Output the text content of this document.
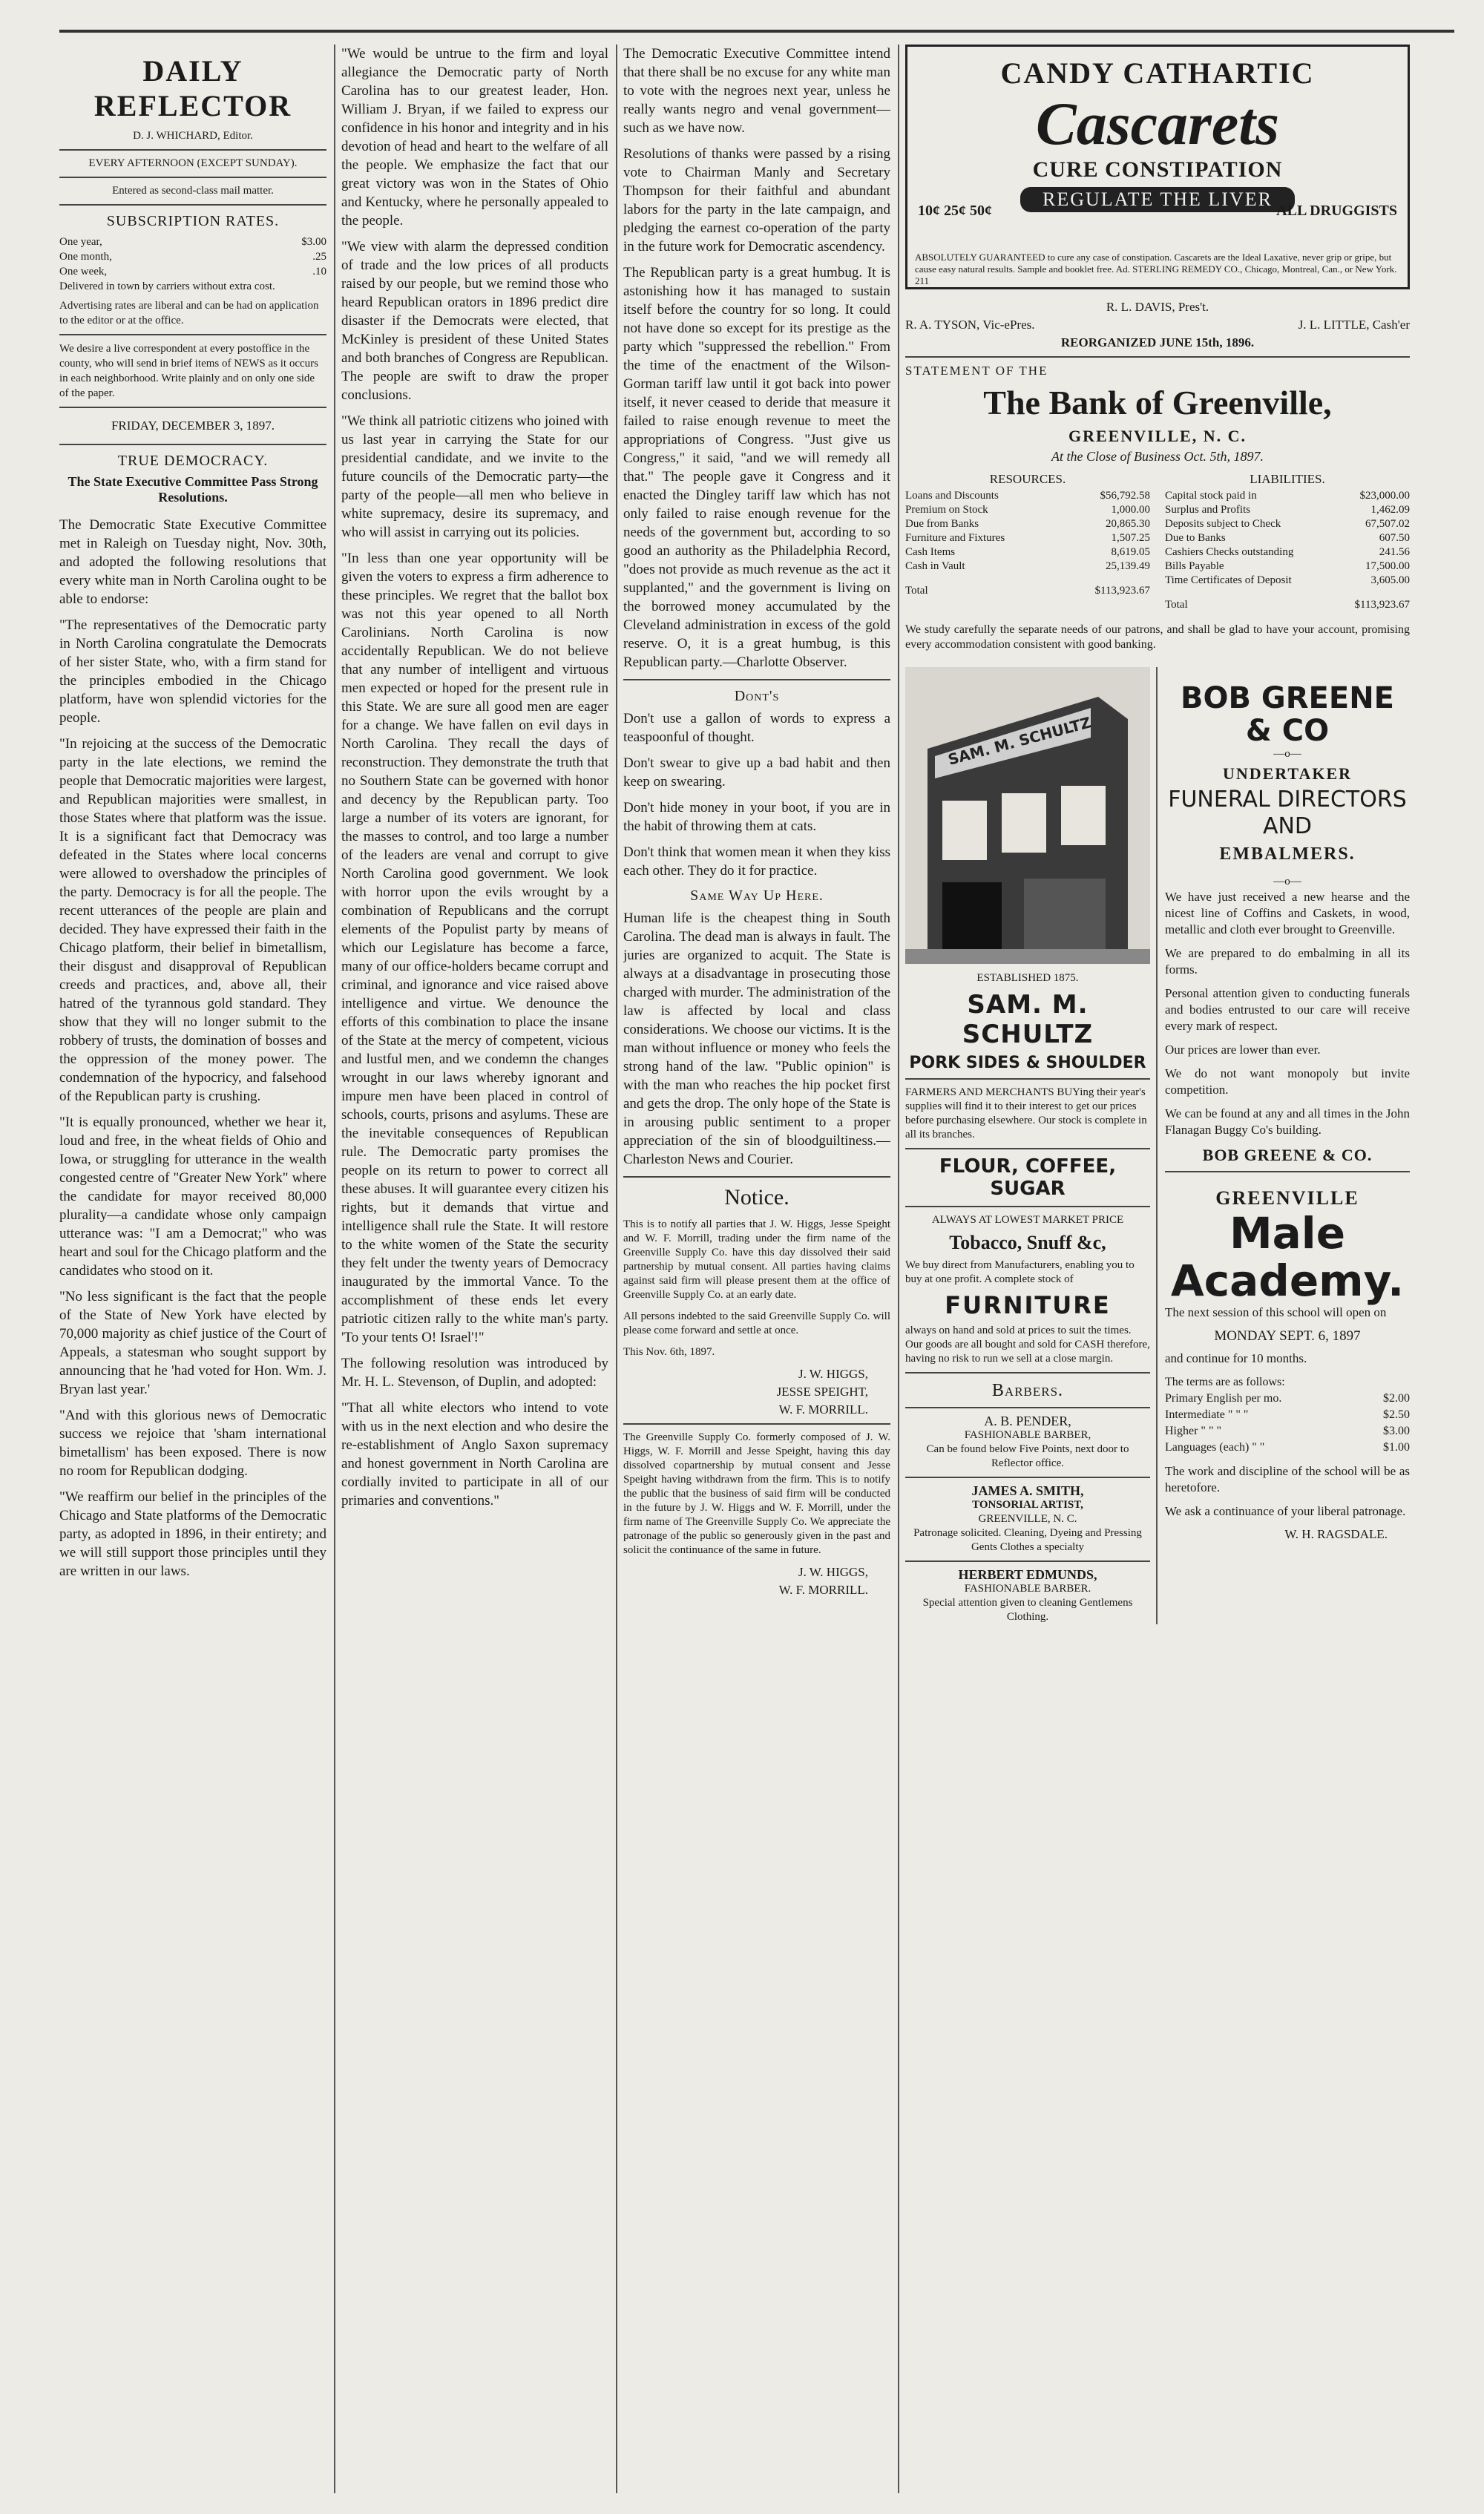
DAILY REFLECTOR
D. J. WHICHARD, Editor.
EVERY AFTERNOON (EXCEPT SUNDAY).
Entered as second-class mail matter.
SUBSCRIPTION RATES.
One year,	$3.00
One month,	.25
One week,	.10
Delivered in town by carriers without extra cost.
Advertising rates are liberal and can be had on application to the editor or at the office.
We desire a live correspondent at every postoffice in the county, who will send in brief items of NEWS as it occurs in each neighborhood. Write plainly and on only one side of the paper.
FRIDAY, DECEMBER 3, 1897.
TRUE DEMOCRACY.
The State Executive Committee Pass Strong Resolutions.

The Democratic State Executive Committee met in Raleigh on Tuesday night, Nov. 30th, and adopted the following resolutions that every white man in North Carolina ought to be able to endorse:

"The representatives of the Democratic party in North Carolina congratulate the Democrats of her sister State, who, with a firm stand for the principles embodied in the Chicago platform, have won splendid victories for the people.

"In rejoicing at the success of the Democratic party in the late elections, we remind the people that Democratic majorities were largest, and Republican majorities were smallest, in those States where that platform was the issue. It is a significant fact that Democracy was defeated in the States where local concerns were allowed to overshadow the principles of the party. Democracy is for all the people. The recent utterances of the people are plain and decided. They have expressed their faith in the Chicago platform, their belief in bimetallism, their disgust and disapproval of Republican creeds and practices, and, above all, their hatred of the tyrannous gold standard. They show that they will no longer submit to the robbery of trusts, the domination of bosses and the oppression of the money power. The condemnation of the hypocricy, and falsehood of the Republican party is crushing.

"It is equally pronounced, whether we hear it, loud and free, in the wheat fields of Ohio and Iowa, or struggling for utterance in the wealth congested centre of "Greater New York" where the candidate for mayor received 80,000 plurality—a candidate whose only campaign utterance was: "I am a Democrat;" who was heart and soul for the Chicago platform and the candidates who stood on it.

"No less significant is the fact that the people of the State of New York have elected by 70,000 majority as chief justice of the Court of Appeals, a statesman who sought support by announcing that he 'had voted for Hon. Wm. J. Bryan last year.'

"And with this glorious news of Democratic success we rejoice that 'sham international bimetallism' has been exposed. There is now no room for Republican dodging.

"We reaffirm our belief in the principles of the Chicago and State platforms of the Democratic party, as adopted in 1896, in their entirety; and we will still support those principles until they are written in our laws.

"We would be untrue to the firm and loyal allegiance the Democratic party of North Carolina has to our greatest leader, Hon. William J. Bryan, if we failed to express our confidence in his honor and integrity and in his devotion of head and heart to the welfare of all the people. We emphasize the fact that our great victory was won in the States of Ohio and Kentucky, where he personally appealed to the people.

"We view with alarm the depressed condition of trade and the low prices of all products raised by our people, but we remind those who heard Republican orators in 1896 predict dire disaster if the Democrats were elected, that McKinley is president of these United States and both branches of Congress are Republican. The people are swift to draw the proper conclusions.

"We think all patriotic citizens who joined with us last year in carrying the State for our presidential candidate, and we invite to the future councils of the Democratic party—the party of the people—all men who believe in white supremacy, desire its supremacy, and who will assist in carrying out its policies.

"In less than one year opportunity will be given the voters to express a firm adherence to these principles. We regret that the ballot box was not this year opened to all North Carolinians. North Carolina is now accidentally Republican. We do not believe that any number of intelligent and virtuous men expected or hoped for the present rule in this State. We are sure all good men are eager for a change. We have fallen on evil days in North Carolina. They recall the days of reconstruction. They demonstrate the truth that no Southern State can be governed with honor and decency by the Republican party. Too large a number of its voters are ignorant, for the masses to control, and too large a number of the leaders are venal and corrupt to give North Carolina good government. We look with horror upon the evils wrought by a combination of Republicans and the corrupt elements of the Populist party by means of which our Legislature has become a farce, many of our office-holders became corrupt and criminal, and ignorance and vice raised above intelligence and virtue. We denounce the efforts of this combination to place the insane of the State at the mercy of competent, vicious and lustful men, and we condemn the changes wrought in our laws whereby ignorant and impure men have been placed in control of schools, courts, prisons and asylums. These are the inevitable consequences of Republican rule. The Democratic party promises the people on its return to power to correct all these abuses. It will guarantee every citizen his rights, but it demands that virtue and intelligence shall rule the State. It will restore to the white women of the State the security they felt under the twenty years of Democracy inaugurated by the immortal Vance. To the accomplishment of these ends let every patriotic citizen rally to the white man's party. 'To your tents O! Israel'!"

The following resolution was introduced by Mr. H. L. Stevenson, of Duplin, and adopted:

"That all white electors who intend to vote with us in the next election and who desire the re-establishment of Anglo Saxon supremacy and honest government in North Carolina are cordially invited to participate in all of our primaries and conventions."

The Democratic Executive Committee intend that there shall be no excuse for any white man to vote with the negroes next year, unless he really wants negro and venal government—such as we have now.

Resolutions of thanks were passed by a rising vote to Chairman Manly and Secretary Thompson for their faithful and abundant labors for the party in the late campaign, and pledging the earnest co-operation of the party in the future work for Democratic ascendency.

The Republican party is a great humbug. It is astonishing how it has managed to sustain itself before the country for so long. It could not have done so except for its prestige as the party which "suppressed the rebellion." From the time of the enactment of the Wilson-Gorman tariff law until it got back into power itself, it never ceased to deride that measure it failed to raise enough revenue to meet the appropriations of Congress. "Just give us Congress," it said, "and we will remedy all that." The people gave it Congress and it enacted the Dingley tariff law which has not only failed to raise enough revenue for the needs of the government but, according to so good an authority as the Philadelphia Record, "does not provide as much revenue as the act it supplanted," and the government is living on the borrowed money accumulated by the Cleveland administration in excess of the gold reserve. O, it is a great humbug, is this Republican party.—Charlotte Observer.

Dont's

Don't use a gallon of words to express a teaspoonful of thought.

Don't swear to give up a bad habit and then keep on swearing.

Don't hide money in your boot, if you are in the habit of throwing them at cats.

Don't think that women mean it when they kiss each other. They do it for practice.

Same Way Up Here.

Human life is the cheapest thing in South Carolina. The dead man is always in fault. The juries are organized to acquit. The State is always at a disadvantage in prosecuting those charged with murder. The administration of the law is affected by local and class considerations. We choose our victims. It is the man without influence or money who feels the strong hand of the law. "Public opinion" is with the man who reaches the hip pocket first and gets the drop. The only hope of the State is in arousing public sentiment to a proper appreciation of the sin of bloodguiltiness.—Charleston News and Courier.

Notice.

This is to notify all parties that J. W. Higgs, Jesse Speight and W. F. Morrill, trading under the firm name of the Greenville Supply Co. have this day dissolved their said partnership by mutual consent. All parties having claims against said firm will please present them at the office of Greenville Supply Co. at an early date.

All persons indebted to the said Greenville Supply Co. will please come forward and settle at once.

This Nov. 6th, 1897.

J. W. HIGGS,
JESSE SPEIGHT,
W. F. MORRILL.

The Greenville Supply Co. formerly composed of J. W. Higgs, W. F. Morrill and Jesse Speight, having this day dissolved copartnership by mutual consent and Jesse Speight having withdrawn from the firm. This is to notify the public that the business of said firm will be conducted in the future by J. W. Higgs and W. F. Morrill, under the firm name of The Greenville Supply Co. We appreciate the patronage of the public so generously given in the past and solicit the continuance of the same in future.

J. W. HIGGS,
W. F. MORRILL.
CANDY CATHARTIC
Cascarets
CURE CONSTIPATION
REGULATE THE LIVER
10¢ 25¢ 50¢	ALL DRUGGISTS
ABSOLUTELY GUARANTEED to cure any case of constipation. Cascarets are the Ideal Laxative, never grip or gripe, but cause easy natural results. Sample and booklet free. Ad. STERLING REMEDY CO., Chicago, Montreal, Can., or New York. 211
R. L. DAVIS, Pres't.
R. A. TYSON, Vic-ePres.	J. L. LITTLE, Cash'er
REORGANIZED JUNE 15th, 1896.
STATEMENT OF THE
The Bank of Greenville,
GREENVILLE, N. C.
At the Close of Business Oct. 5th, 1897.
RESOURCES.
Loans and Discounts	$56,792.58
Premium on Stock	1,000.00
Due from Banks	20,865.30
Furniture and Fixtures	1,507.25
Cash Items	8,619.05
Cash in Vault	25,139.49
Total	$113,923.67
LIABILITIES.
Capital stock paid in	$23,000.00
Surplus and Profits	1,462.09
Deposits subject to Check	67,507.02
Due to Banks	607.50
Cashiers Checks outstanding	241.56
Bills Payable	17,500.00
Time Certificates of Deposit	3,605.00
Total	$113,923.67

We study carefully the separate needs of our patrons, and shall be glad to have your account, promising every accommodation consistent with good banking.

SAM. M. SCHULTZ
ESTABLISHED 1875.
SAM. M. SCHULTZ
PORK SIDES & SHOULDER
FARMERS AND MERCHANTS BUYing their year's supplies will find it to their interest to get our prices before purchasing elsewhere. Our stock is complete in all its branches.
FLOUR, COFFEE, SUGAR
ALWAYS AT LOWEST MARKET PRICE
Tobacco, Snuff &c,
We buy direct from Manufacturers, enabling you to buy at one profit. A complete stock of
FURNITURE
always on hand and sold at prices to suit the times. Our goods are all bought and sold for CASH therefore, having no risk to run we sell at a close margin.
Barbers.
A. B. PENDER,
FASHIONABLE BARBER,
Can be found below Five Points, next door to Reflector office.
JAMES A. SMITH,
TONSORIAL ARTIST,
GREENVILLE, N. C.
Patronage solicited. Cleaning, Dyeing and Pressing Gents Clothes a specialty
HERBERT EDMUNDS,
FASHIONABLE BARBER.
Special attention given to cleaning Gentlemens Clothing.
BOB GREENE & CO
—o—
UNDERTAKER
FUNERAL DIRECTORS AND
EMBALMERS.
—o—

We have just received a new hearse and the nicest line of Coffins and Caskets, in wood, metallic and cloth ever brought to Greenville.

We are prepared to do embalming in all its forms.

Personal attention given to conducting funerals and bodies entrusted to our care will receive every mark of respect.

Our prices are lower than ever.

We do not want monopoly but invite competition.

We can be found at any and all times in the John Flanagan Buggy Co's building.

BOB GREENE & CO.
GREENVILLE
Male Academy.

The next session of this school will open on

MONDAY SEPT. 6, 1897

and continue for 10 months.

The terms are as follows:
Primary English per mo.	$2.00
Intermediate " " "	$2.50
Higher " " "	$3.00
Languages (each) " "	$1.00

The work and discipline of the school will be as heretofore.

We ask a continuance of your liberal patronage.

W. H. RAGSDALE.
